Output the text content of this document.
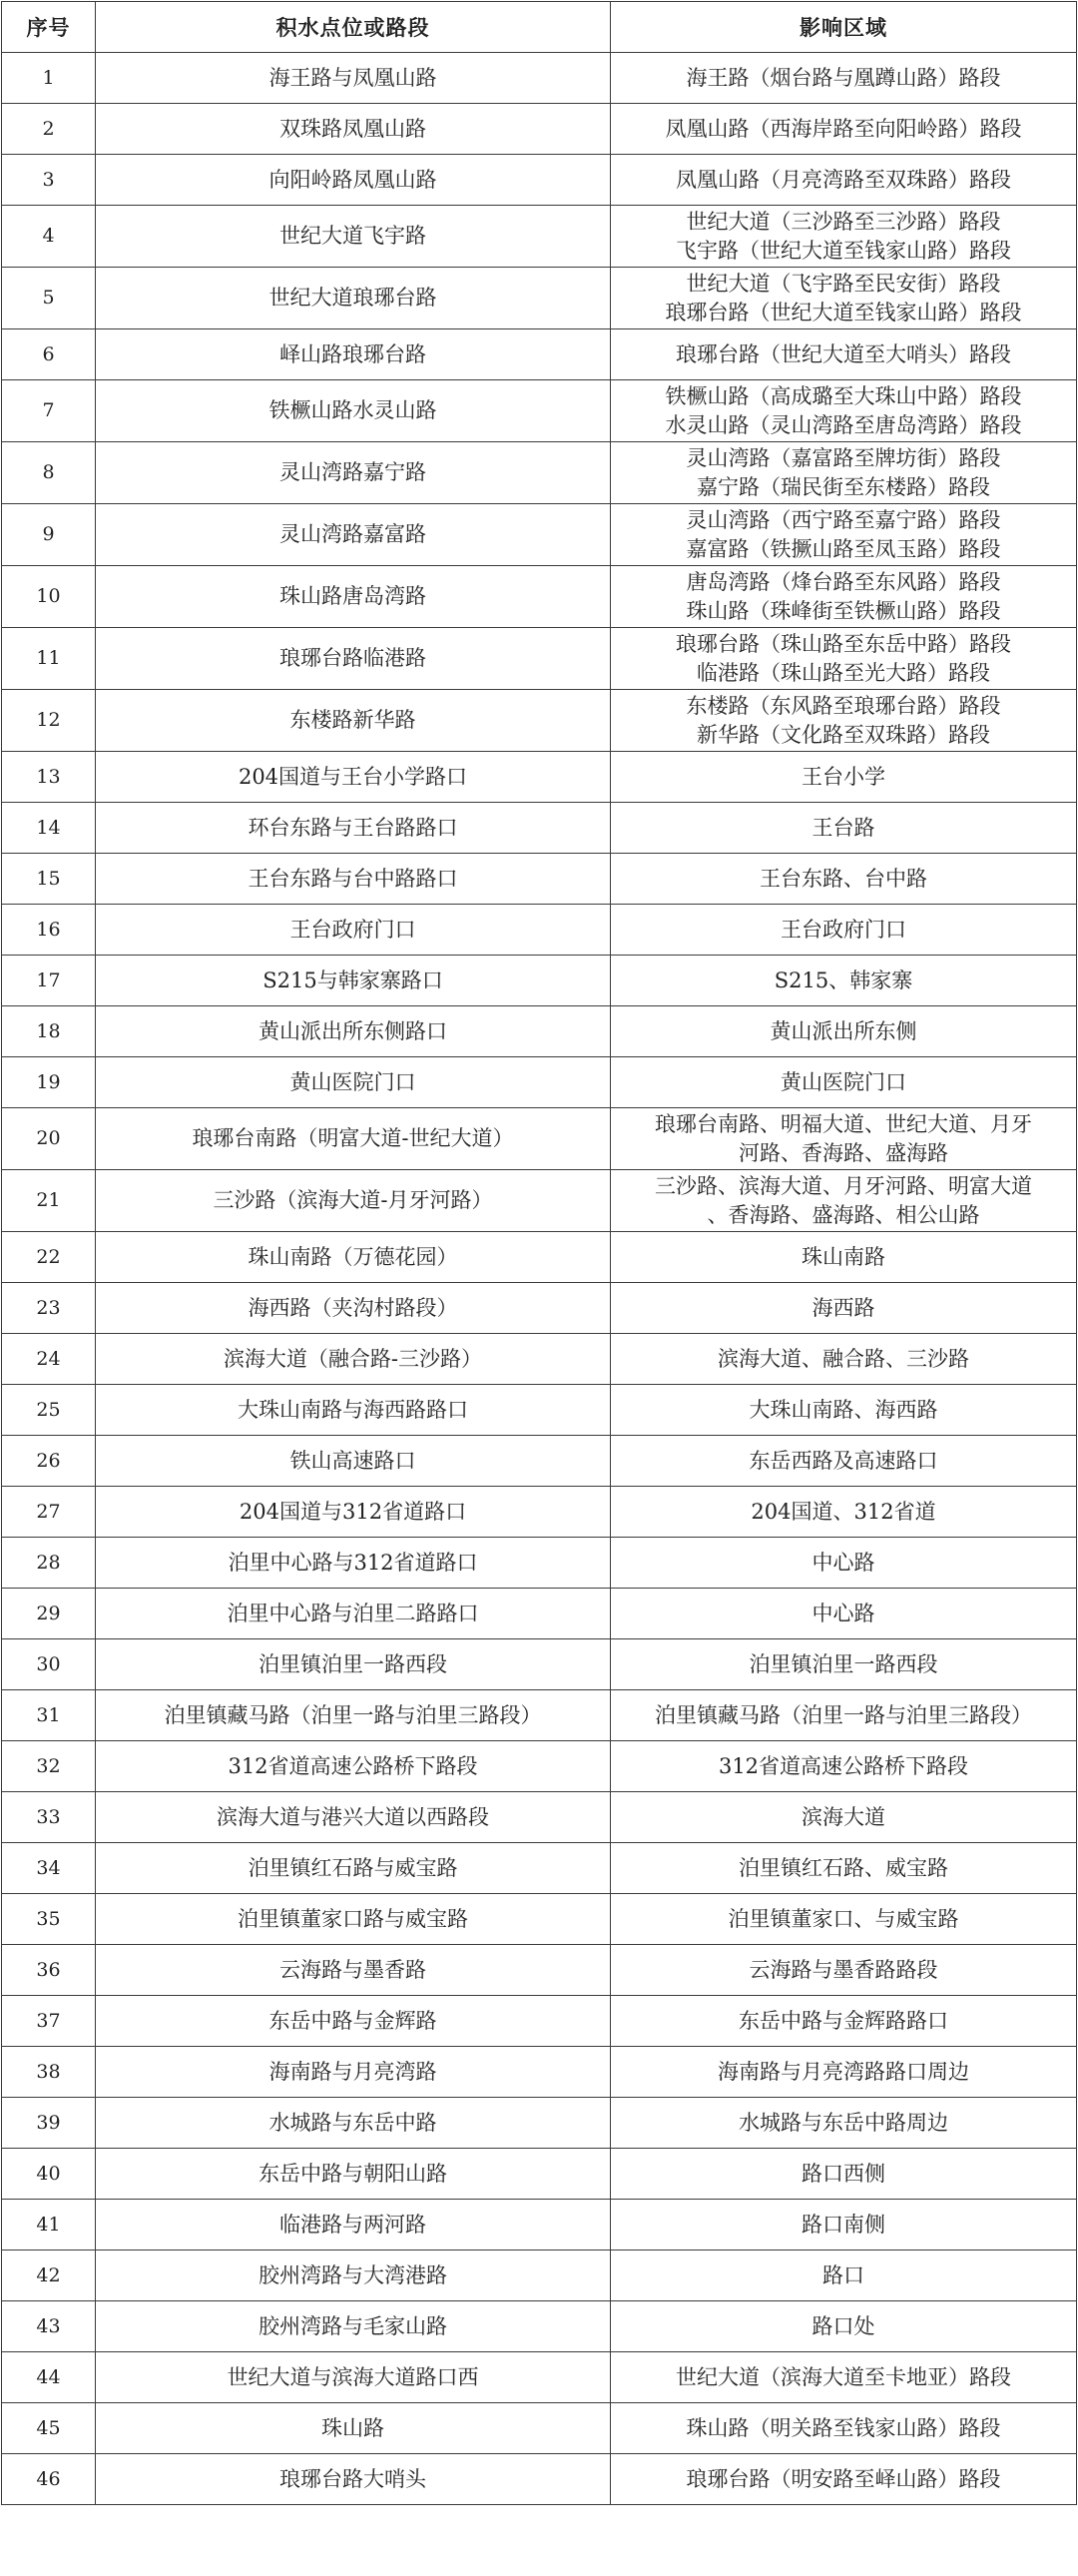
序号	积水点位或路段	影响区域
1	海王路与凤凰山路	海王路（烟台路与凰蹲山路）路段

2	双珠路凤凰山路	凤凰山路（西海岸路至向阳岭路）路段

3	向阳岭路凤凰山路	凤凰山路（月亮湾路至双珠路）路段

4	世纪大道飞宇路	世纪大道（三沙路至三沙路）路段
飞宇路（世纪大道至钱家山路）路段

5	世纪大道琅琊台路	世纪大道（飞宇路至民安街）路段
琅琊台路（世纪大道至钱家山路）路段

6	峄山路琅琊台路	琅琊台路（世纪大道至大哨头）路段

7	铁橛山路水灵山路	铁橛山路（高成璐至大珠山中路）路段
水灵山路（灵山湾路至唐岛湾路）路段

8	灵山湾路嘉宁路	灵山湾路（嘉富路至牌坊街）路段
嘉宁路（瑞民街至东楼路）路段

9	灵山湾路嘉富路	灵山湾路（西宁路至嘉宁路）路段
嘉富路（铁撅山路至凤玉路）路段

10	珠山路唐岛湾路	唐岛湾路（烽台路至东风路）路段
珠山路（珠峰街至铁橛山路）路段

11	琅琊台路临港路	琅琊台路（珠山路至东岳中路）路段
临港路（珠山路至光大路）路段

12	东楼路新华路	东楼路（东风路至琅琊台路）路段
新华路（文化路至双珠路）路段

13	204国道与王台小学路口	王台小学

14	环台东路与王台路路口	王台路

15	王台东路与台中路路口	王台东路、台中路

16	王台政府门口	王台政府门口

17	S215与韩家寨路口	S215、韩家寨

18	黄山派出所东侧路口	黄山派出所东侧

19	黄山医院门口	黄山医院门口

20	琅琊台南路（明富大道-世纪大道）	琅琊台南路、明福大道、世纪大道、月牙
河路、香海路、盛海路

21	三沙路（滨海大道-月牙河路）	三沙路、滨海大道、月牙河路、明富大道
、香海路、盛海路、相公山路

22	珠山南路（万德花园）	珠山南路

23	海西路（夹沟村路段）	海西路

24	滨海大道（融合路-三沙路）	滨海大道、融合路、三沙路

25	大珠山南路与海西路路口	大珠山南路、海西路

26	铁山高速路口	东岳西路及高速路口

27	204国道与312省道路口	204国道、312省道

28	泊里中心路与312省道路口	中心路

29	泊里中心路与泊里二路路口	中心路

30	泊里镇泊里一路西段	泊里镇泊里一路西段

31	泊里镇藏马路（泊里一路与泊里三路段）	泊里镇藏马路（泊里一路与泊里三路段）

32	312省道高速公路桥下路段	312省道高速公路桥下路段

33	滨海大道与港兴大道以西路段	滨海大道

34	泊里镇红石路与威宝路	泊里镇红石路、威宝路

35	泊里镇董家口路与威宝路	泊里镇董家口、与威宝路

36	云海路与墨香路	云海路与墨香路路段

37	东岳中路与金辉路	东岳中路与金辉路路口

38	海南路与月亮湾路	海南路与月亮湾路路口周边

39	水城路与东岳中路	水城路与东岳中路周边

40	东岳中路与朝阳山路	路口西侧

41	临港路与两河路	路口南侧

42	胶州湾路与大湾港路	路口

43	胶州湾路与毛家山路	路口处

44	世纪大道与滨海大道路口西	世纪大道（滨海大道至卡地亚）路段

45	珠山路	珠山路（明关路至钱家山路）路段

46	琅琊台路大哨头	琅琊台路（明安路至峄山路）路段
